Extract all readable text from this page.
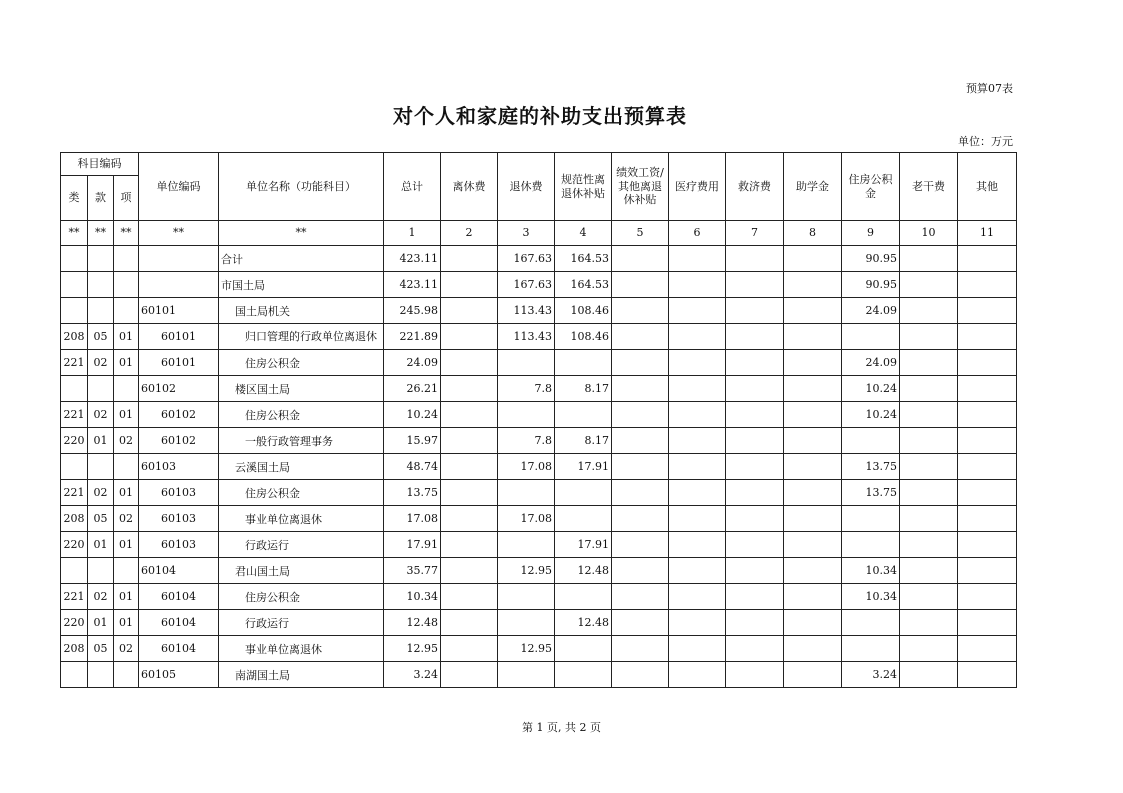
预算07表
对个人和家庭的补助支出预算表
单位：万元
科目编码			单位编码	单位名称（功能科目）	总计	离休费	退休费	规范性离退休补贴	绩效工资/其他离退休补贴	医疗费用	救济费	助学金	住房公积金	老干费	其他
类	款	项													
**	**	**	**	**	1	2	3	4	5	6	7	8	9	10	11
				合计	423.11		167.63	164.53					90.95		
				市国土局	423.11		167.63	164.53					90.95		
			60101	国土局机关	245.98		113.43	108.46					24.09		
208	05	01	60101	归口管理的行政单位离退休	221.89		113.43	108.46							
221	02	01	60101	住房公积金	24.09								24.09		
			60102	楼区国土局	26.21		7.8	8.17					10.24		
221	02	01	60102	住房公积金	10.24								10.24		
220	01	02	60102	一般行政管理事务	15.97		7.8	8.17							
			60103	云溪国土局	48.74		17.08	17.91					13.75		
221	02	01	60103	住房公积金	13.75								13.75		
208	05	02	60103	事业单位离退休	17.08		17.08								
220	01	01	60103	行政运行	17.91			17.91							
			60104	君山国土局	35.77		12.95	12.48					10.34		
221	02	01	60104	住房公积金	10.34								10.34		
220	01	01	60104	行政运行	12.48			12.48							
208	05	02	60104	事业单位离退休	12.95		12.95								
			60105	南湖国土局	3.24								3.24		
第 1 页, 共 2 页
